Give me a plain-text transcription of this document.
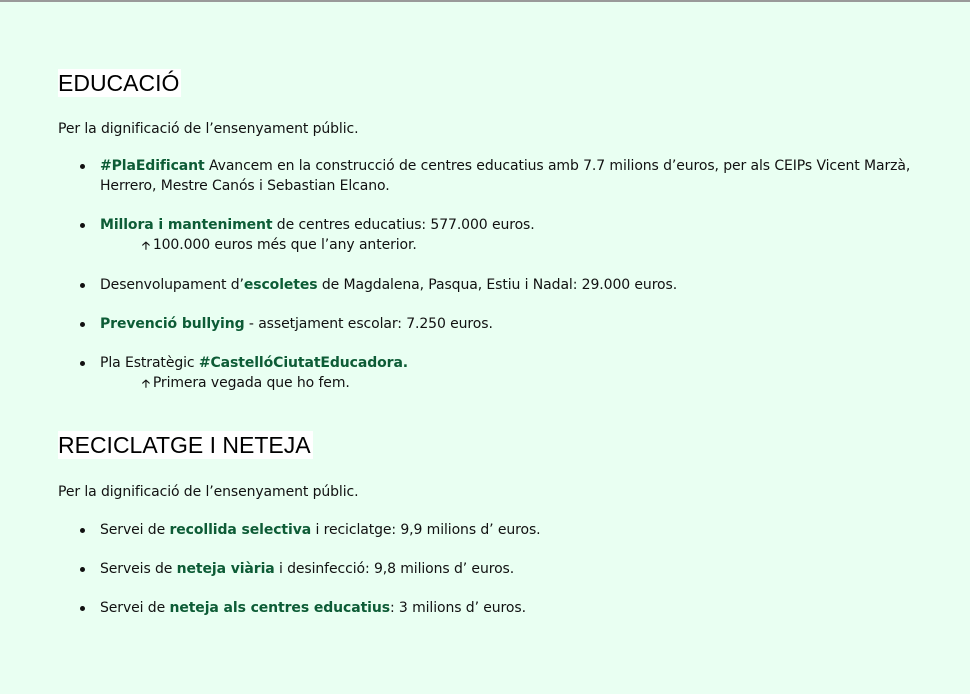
EDUCACIÓ

Per la dignificació de l’ensenyament públic.

#PlaEdificant Avancem en la construcció de centres educatius amb 7.7 milions d’euros, per als CEIPs Vicent Marzà, Herrero, Mestre Canós i Sebastian Elcano.
Millora i manteniment de centres educatius: 577.000 euros.
🡡 100.000 euros més que l’any anterior.
Desenvolupament d’escoletes de Magdalena, Pasqua, Estiu i Nadal: 29.000 euros.
Prevenció bullying - assetjament escolar: 7.250 euros.
Pla Estratègic #CastellóCiutatEducadora.
🡡 Primera vegada que ho fem.
RECICLATGE I NETEJA

Per la dignificació de l’ensenyament públic.

Servei de recollida selectiva i reciclatge: 9,9 milions d’ euros.
Serveis de neteja viària i desinfecció: 9,8 milions d’ euros.
Servei de neteja als centres educatius: 3 milions d’ euros.
